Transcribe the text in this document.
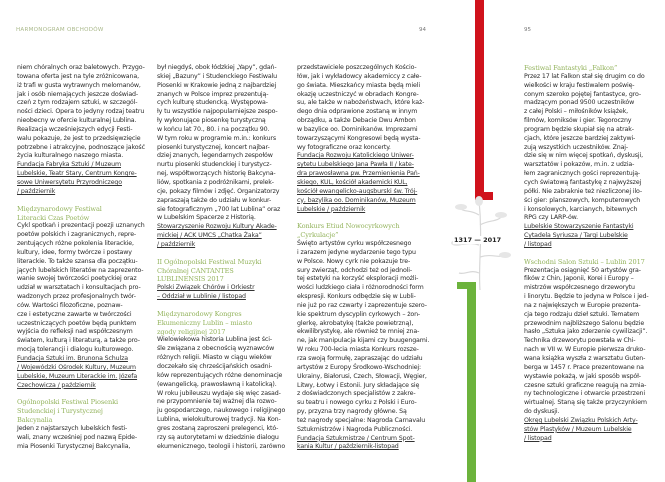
HARMONOGRAM OBCHODÓW	94	95
niem chóralnych oraz baletowych. Przygo-
towana oferta jest na tyle zróżnicowana,
iż trafi w gusta wytrawnych melomanów,
jak i osób niemających jeszcze doświad-
czeń z tym rodzajem sztuki, w szczegól-
ności dzieci. Opera to jedyny rodzaj teatru
nieobecny w ofercie kulturalnej Lublina.
Realizacja wcześniejszych edycji Festi-
walu pokazuje, że jest to przedsięwzięcie
potrzebne i atrakcyjne, podnoszące jakość
życia kulturalnego naszego miasta.
Fundacja Fabryka Sztuki / Muzeum
Lubelskie, Teatr Stary, Centrum Kongre-
sowe Uniwersytetu Przyrodniczego
/ październik
Międzynarodowy Festiwal
Literacki Czas Poetów
Cykl spotkań i prezentacji poezji uznanych
poetów polskich i zagranicznych, repre-
zentujących różne pokolenia literackie,
kultury, idee, formy twórcze i postawy
literackie. To także szansa dla początku-
jących lubelskich literatów na zaprezento-
wanie swojej twórczości poetyckiej oraz
udział w warsztatach i konsultacjach pro-
wadzonych przez profesjonalnych twór-
ców. Wartości filozoficzne, poznaw-
cze i estetyczne zawarte w twórczości
uczestniczących poetów będą punktem
wyjścia do refleksji nad współczesnym
światem, kulturą i literaturą, a także pro-
mocją tolerancji i dialogu kulturowego.
Fundacja Sztuki im. Brunona Schulza
/ Wojewódzki Ośrodek Kultury, Muzeum
Lubelskie, Muzeum Literackie im. Józefa
Czechowicza / październik
Ogólnopolski Festiwal Piosenki
Studenckiej i Turystycznej
Bakcynalia
Jeden z najstarszych lubelskich festi-
wali, znany wcześniej pod nazwą Epide-
mia Piosenki Turystycznej Bakcynalia,
był niegdyś, obok łódzkiej „Yapy”, gdań-
skiej „Bazuny” i Studenckiego Festiwalu
Piosenki w Krakowie jedną z najbardziej
znanych w Polsce imprez prezentują-
cych kulturę studencką. Występowa-
ły tu wszystkie najpopularniejsze zespo-
ły wykonujące piosenkę turystyczną
w końcu lat 70., 80. i na początku 90.
W tym roku w programie m.in.: konkurs
piosenki turystycznej, koncert najbar-
dziej znanych, legendarnych zespołów
nurtu piosenki studenckiej i turystycz-
nej, współtworzących historię Bakcyna-
liów, spotkania z podróżnikami, prelek-
cje, pokazy filmów i zdjęć. Organizatorzy
zapraszają także do udziału w konkur-
sie fotograficznym „700 lat Lublina” oraz
w Lubelskim Spacerze z Historią.
Stowarzyszenie Rozwoju Kultury Akade-
mickiej / ACK UMCS „Chatka Żaka”
/ październik
II Ogólnopolski Festiwal Muzyki
Chóralnej CANTANTES
LUBLINENSIS 2017
Polski Związek Chórów i Orkiestr
– Oddział w Lublinie / listopad
Międzynarodowy Kongres
Ekumeniczny Lublin – miasto
zgody religijnej 2017
Wielowiekowa historia Lublina jest ści-
śle związana z obecnością wyznawców
różnych religii. Miasto w ciągu wieków
doczekało się chrześcijańskich osadni-
ków reprezentujących różne denominacje
(ewangelicką, prawosławną i katolicką).
W roku jubileuszu wydaje się więc zasad-
ne przypomnienie tej ważnej dla rozwo-
ju gospodarczego, naukowego i religijnego
Lublina, wielokulturowej tradycji. Na Kon-
gres zostaną zaproszeni prelegenci, któ-
rzy są autorytetami w dziedzinie dialogu
ekumenicznego, teologii i historii, zarówno
przedstawiciele poszczególnych Kościo-
łów, jak i wykładowcy akademiccy z całe-
go świata. Mieszkańcy miasta będą mieli
okazję uczestniczyć w obradach Kongre-
su, ale także w nabożeństwach, które każ-
dego dnia odprawione zostaną w innym
obrządku, a także Debacie Dwu Ambon
w bazylice oo. Dominikanów. Imprezami
towarzyszącymi Kongresowi będą wysta-
wy fotograficzne oraz koncerty.
Fundacja Rozwoju Katolickiego Uniwer-
sytetu Lubelskiego Jana Pawła II / kate-
dra prawosławna pw. Przemienienia Pań-
skiego, KUL, kościół akademicki KUL,
kościół ewangelicko-augsburski św. Trój-
cy, bazylika oo. Dominikanów, Muzeum
Lubelskie / październik
Konkurs Etiud Nowocyrkowych
„Cyrkulacje”
Święto artystów cyrku współczesnego
i zarazem jedyne wydarzenie tego typu
w Polsce. Nowy cyrk nie pokazuje tre-
sury zwierząt, odchodzi też od jednoli-
tej estetyki na korzyść eksploracji możli-
wości ludzkiego ciała i różnorodności form
ekspresji. Konkurs odbędzie się w Lubli-
nie już po raz czwarty i zaprezentuje szero-
kie spektrum dyscyplin cyrkowych – żon-
glerkę, akrobatykę (także powietrzną),
ekwilibrystykę, ale również te mniej zna-
ne, jak manipulacja kijami czy buugengami.
W roku 700-lecia miasta Konkurs rozsze-
rza swoją formułę, zapraszając do udziału
artystów z Europy Środkowo-Wschodniej:
Ukrainy, Białorusi, Czech, Słowacji, Węgier,
Litwy, Łotwy i Estonii. Jury składające się
z doświadczonych specjalistów z zakre-
su teatru i nowego cyrku z Polski i Euro-
py, przyzna trzy nagrody główne. Są
też nagrody specjalne: Nagroda Carnavalu
Sztukmistrzów i Nagroda Publiczności.
Fundacja Sztukmistrze / Centrum Spot-
kania Kultur / październik-listopad
Festiwal Fantastyki „Falkon”
Przez 17 lat Falkon stał się drugim co do
wielkości w kraju festiwalem poświę-
conym szeroko pojętej fantastyce, gro-
madzącym ponad 9500 uczestników
z całej Polski – miłośników książek,
filmów, komiksów i gier. Tegoroczny
program będzie skupiał się na atrak-
cjach, które jeszcze bardziej zaktywi-
zują wszystkich uczestników. Znaj-
dzie się w nim więcej spotkań, dyskusji,
warsztatów i pokazów, m.in. z udzia-
łem zagranicznych gości reprezentują-
cych światową fantastykę z najwyższej
półki. Nie zabraknie też niezliczonej ilo-
ści gier: planszowych, komputerowych
i konsolowych, karcianych, bitewnych
RPG czy LARP-ów.
Lubelskie Stowarzyszenie Fantastyki
Cytadela Syriusza / Targi Lubelskie
/ listopad
Wschodni Salon Sztuki – Lublin 2017
Prezentacja osiągnięć 50 artystów gra-
fików z Chin, Japonii, Korei i Europy –
mistrzów współczesnego drzeworytu
i linorytu. Będzie to jedyna w Polsce i jed-
na z największych w Europie prezenta-
cja tego rodzaju dzieł sztuki. Tematem
przewodnim najbliższego Salonu będzie
hasło „Sztuka jako zderzenie cywilizacji”.
Technika drzeworytu powstała w Chi-
nach w VII w. W Europie pierwsza druko-
wana książka wyszła z warsztatu Guten-
berga w 1457 r. Prace prezentowane na
wystawie pokażą, w jaki sposób współ-
czesne sztuki graficzne reagują na zmia-
ny technologiczne i otwarcie przestrzeni
wirtualnej. Staną się także przyczynkiem
do dyskusji.
Okręg Lubelski Związku Polskich Arty-
stów Plastyków / Muzeum Lubelskie
/ listopad
1317 — 2017
